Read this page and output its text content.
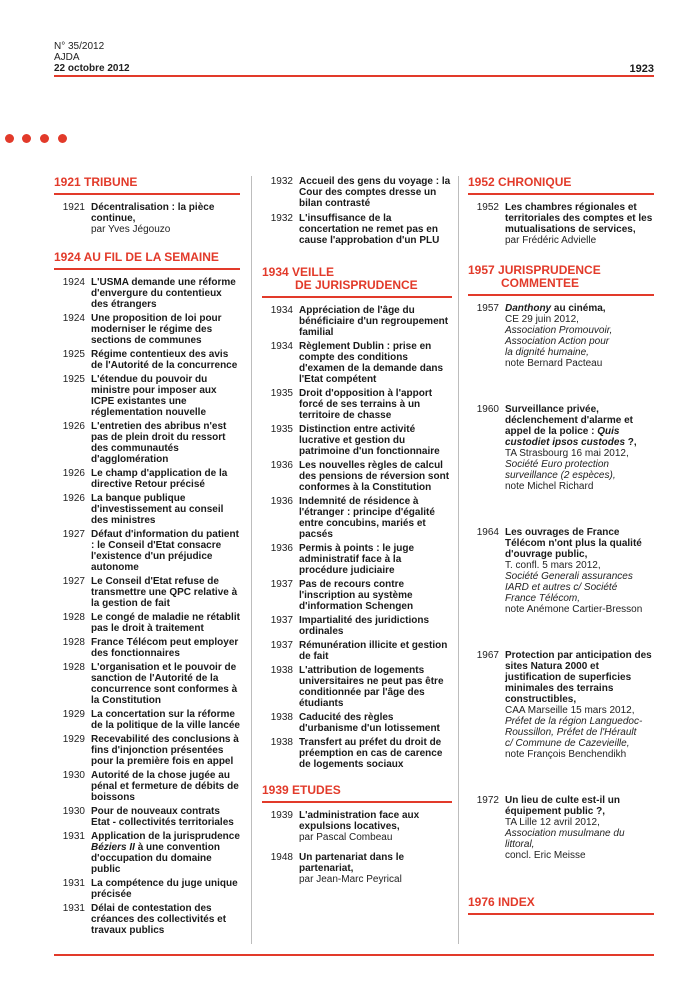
N° 35/2012
AJDA
22 octobre 2012	1923
1921 TRIBUNE
1921 Décentralisation : la pièce continue,
par Yves Jégouzo
1924 AU FIL DE LA SEMAINE
1924 L'USMA demande une réforme d'envergure du contentieux des étrangers
1924 Une proposition de loi pour moderniser le régime des sections de communes
1925 Régime contentieux des avis de l'Autorité de la concurrence
1925 L'étendue du pouvoir du ministre pour imposer aux ICPE existantes une réglementation nouvelle
1926 L'entretien des abribus n'est pas de plein droit du ressort des communautés d'agglomération
1926 Le champ d'application de la directive Retour précisé
1926 La banque publique d'investissement au conseil des ministres
1927 Défaut d'information du patient : le Conseil d'Etat consacre l'existence d'un préjudice autonome
1927 Le Conseil d'Etat refuse de transmettre une QPC relative à la gestion de fait
1928 Le congé de maladie ne rétablit pas le droit à traitement
1928 France Télécom peut employer des fonctionnaires
1928 L'organisation et le pouvoir de sanction de l'Autorité de la concurrence sont conformes à la Constitution
1929 La concertation sur la réforme de la politique de la ville lancée
1929 Recevabilité des conclusions à fins d'injonction présentées pour la première fois en appel
1930 Autorité de la chose jugée au pénal et fermeture de débits de boissons
1930 Pour de nouveaux contrats Etat - collectivités territoriales
1931 Application de la jurisprudence Béziers II à une convention d'occupation du domaine public
1931 La compétence du juge unique précisée
1931 Délai de contestation des créances des collectivités et travaux publics
1932 Accueil des gens du voyage : la Cour des comptes dresse un bilan contrasté
1932 L'insuffisance de la concertation ne remet pas en cause l'approbation d'un PLU
1934 VEILLE
DE JURISPRUDENCE
1934 Appréciation de l'âge du bénéficiaire d'un regroupement familial
1934 Règlement Dublin : prise en compte des conditions d'examen de la demande dans l'Etat compétent
1935 Droit d'opposition à l'apport forcé de ses terrains à un territoire de chasse
1935 Distinction entre activité lucrative et gestion du patrimoine d'un fonctionnaire
1936 Les nouvelles règles de calcul des pensions de réversion sont conformes à la Constitution
1936 Indemnité de résidence à l'étranger : principe d'égalité entre concubins, mariés et pacsés
1936 Permis à points : le juge administratif face à la procédure judiciaire
1937 Pas de recours contre l'inscription au système d'information Schengen
1937 Impartialité des juridictions ordinales
1937 Rémunération illicite et gestion de fait
1938 L'attribution de logements universitaires ne peut pas être conditionnée par l'âge des étudiants
1938 Caducité des règles d'urbanisme d'un lotissement
1938 Transfert au préfet du droit de préemption en cas de carence de logements sociaux
1939 ETUDES
1939 L'administration face aux expulsions locatives,
par Pascal Combeau
1948 Un partenariat dans le partenariat,
par Jean-Marc Peyrical
1952 CHRONIQUE
1952 Les chambres régionales et territoriales des comptes et les mutualisations de services,
par Frédéric Advielle
1957 JURISPRUDENCE
COMMENTEE
1957 Danthony au cinéma,
CE 29 juin 2012,
Association Promouvoir,
Association Action pour
la dignité humaine,
note Bernard Pacteau
1960 Surveillance privée, déclenchement d'alarme et appel de la police : Quis custodiet ipsos custodes ?,
TA Strasbourg 16 mai 2012,
Société Euro protection
surveillance (2 espèces),
note Michel Richard
1964 Les ouvrages de France Télécom n'ont plus la qualité d'ouvrage public,
T. confl. 5 mars 2012,
Société Generali assurances
IARD et autres c/ Société
France Télécom,
note Anémone Cartier-Bresson
1967 Protection par anticipation des sites Natura 2000 et justification de superficies minimales des terrains constructibles,
CAA Marseille 15 mars 2012,
Préfet de la région Languedoc-
Roussillon, Préfet de l'Hérault
c/ Commune de Cazevieille,
note François Benchendikh
1972 Un lieu de culte est-il un équipement public ?,
TA Lille 12 avril 2012,
Association musulmane du littoral,
concl. Eric Meisse
1976 INDEX
